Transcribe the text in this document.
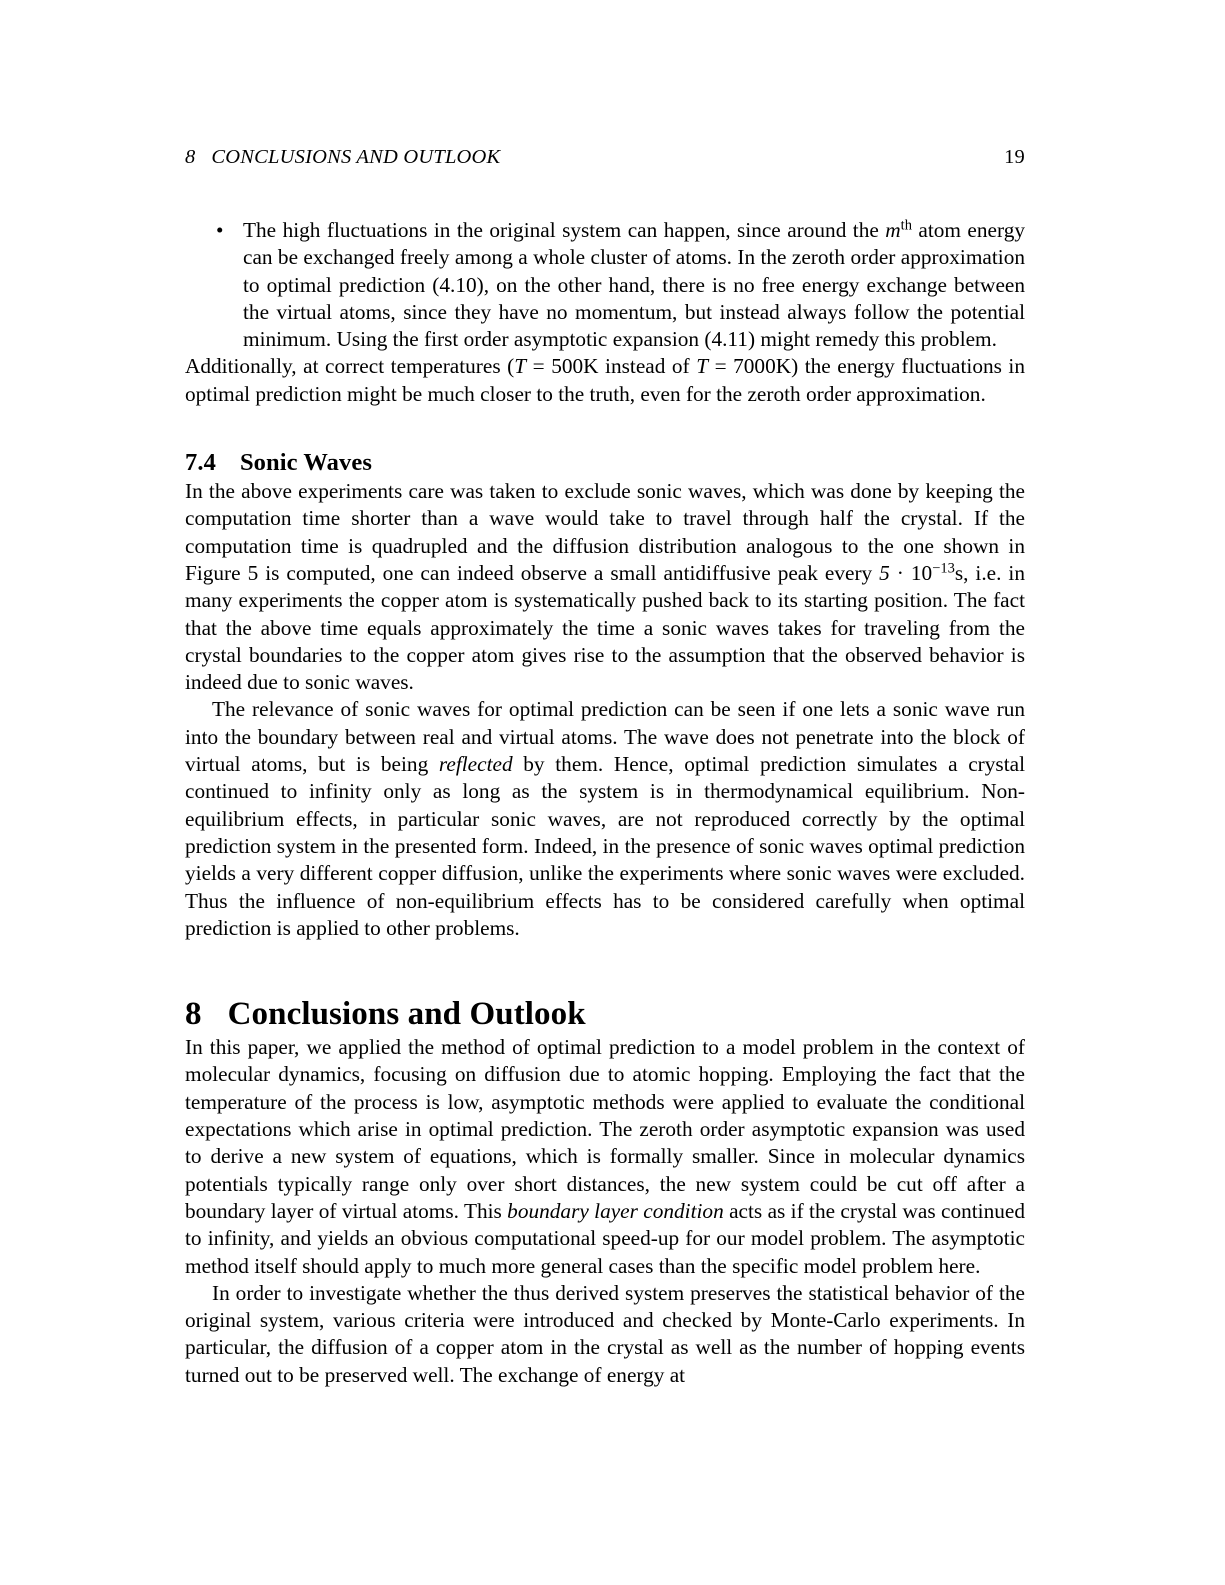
8   CONCLUSIONS AND OUTLOOK	19
• The high fluctuations in the original system can happen, since around the $m^{th}$ atom energy can be exchanged freely among a whole cluster of atoms. In the zeroth order approximation to optimal prediction (4.10), on the other hand, there is no free energy exchange between the virtual atoms, since they have no momentum, but instead always follow the potential minimum. Using the first order asymptotic expansion (4.11) might remedy this problem.

Additionally, at correct temperatures (T = 500K instead of T = 7000K) the energy fluctuations in optimal prediction might be much closer to the truth, even for the zeroth order approximation.

7.4 Sonic Waves

In the above experiments care was taken to exclude sonic waves, which was done by keeping the computation time shorter than a wave would take to travel through half the crystal. If the computation time is quadrupled and the diffusion distribution analogous to the one shown in Figure 5 is computed, one can indeed observe a small antidiffusive peak every $5 \cdot 10^{-13}s$, i.e. in many experiments the copper atom is systematically pushed back to its starting position. The fact that the above time equals approximately the time a sonic waves takes for traveling from the crystal boundaries to the copper atom gives rise to the assumption that the observed behavior is indeed due to sonic waves.

The relevance of sonic waves for optimal prediction can be seen if one lets a sonic wave run into the boundary between real and virtual atoms. The wave does not penetrate into the block of virtual atoms, but is being reflected by them. Hence, optimal prediction simulates a crystal continued to infinity only as long as the system is in thermodynamical equilibrium. Non-equilibrium effects, in particular sonic waves, are not reproduced correctly by the optimal prediction system in the presented form. Indeed, in the presence of sonic waves optimal prediction yields a very different copper diffusion, unlike the experiments where sonic waves were excluded. Thus the influence of non-equilibrium effects has to be considered carefully when optimal prediction is applied to other problems.

8 Conclusions and Outlook

In this paper, we applied the method of optimal prediction to a model problem in the context of molecular dynamics, focusing on diffusion due to atomic hopping. Employing the fact that the temperature of the process is low, asymptotic methods were applied to evaluate the conditional expectations which arise in optimal prediction. The zeroth order asymptotic expansion was used to derive a new system of equations, which is formally smaller. Since in molecular dynamics potentials typically range only over short distances, the new system could be cut off after a boundary layer of virtual atoms. This boundary layer condition acts as if the crystal was continued to infinity, and yields an obvious computational speed-up for our model problem. The asymptotic method itself should apply to much more general cases than the specific model problem here.

In order to investigate whether the thus derived system preserves the statistical behavior of the original system, various criteria were introduced and checked by Monte-Carlo experiments. In particular, the diffusion of a copper atom in the crystal as well as the number of hopping events turned out to be preserved well. The exchange of energy at
